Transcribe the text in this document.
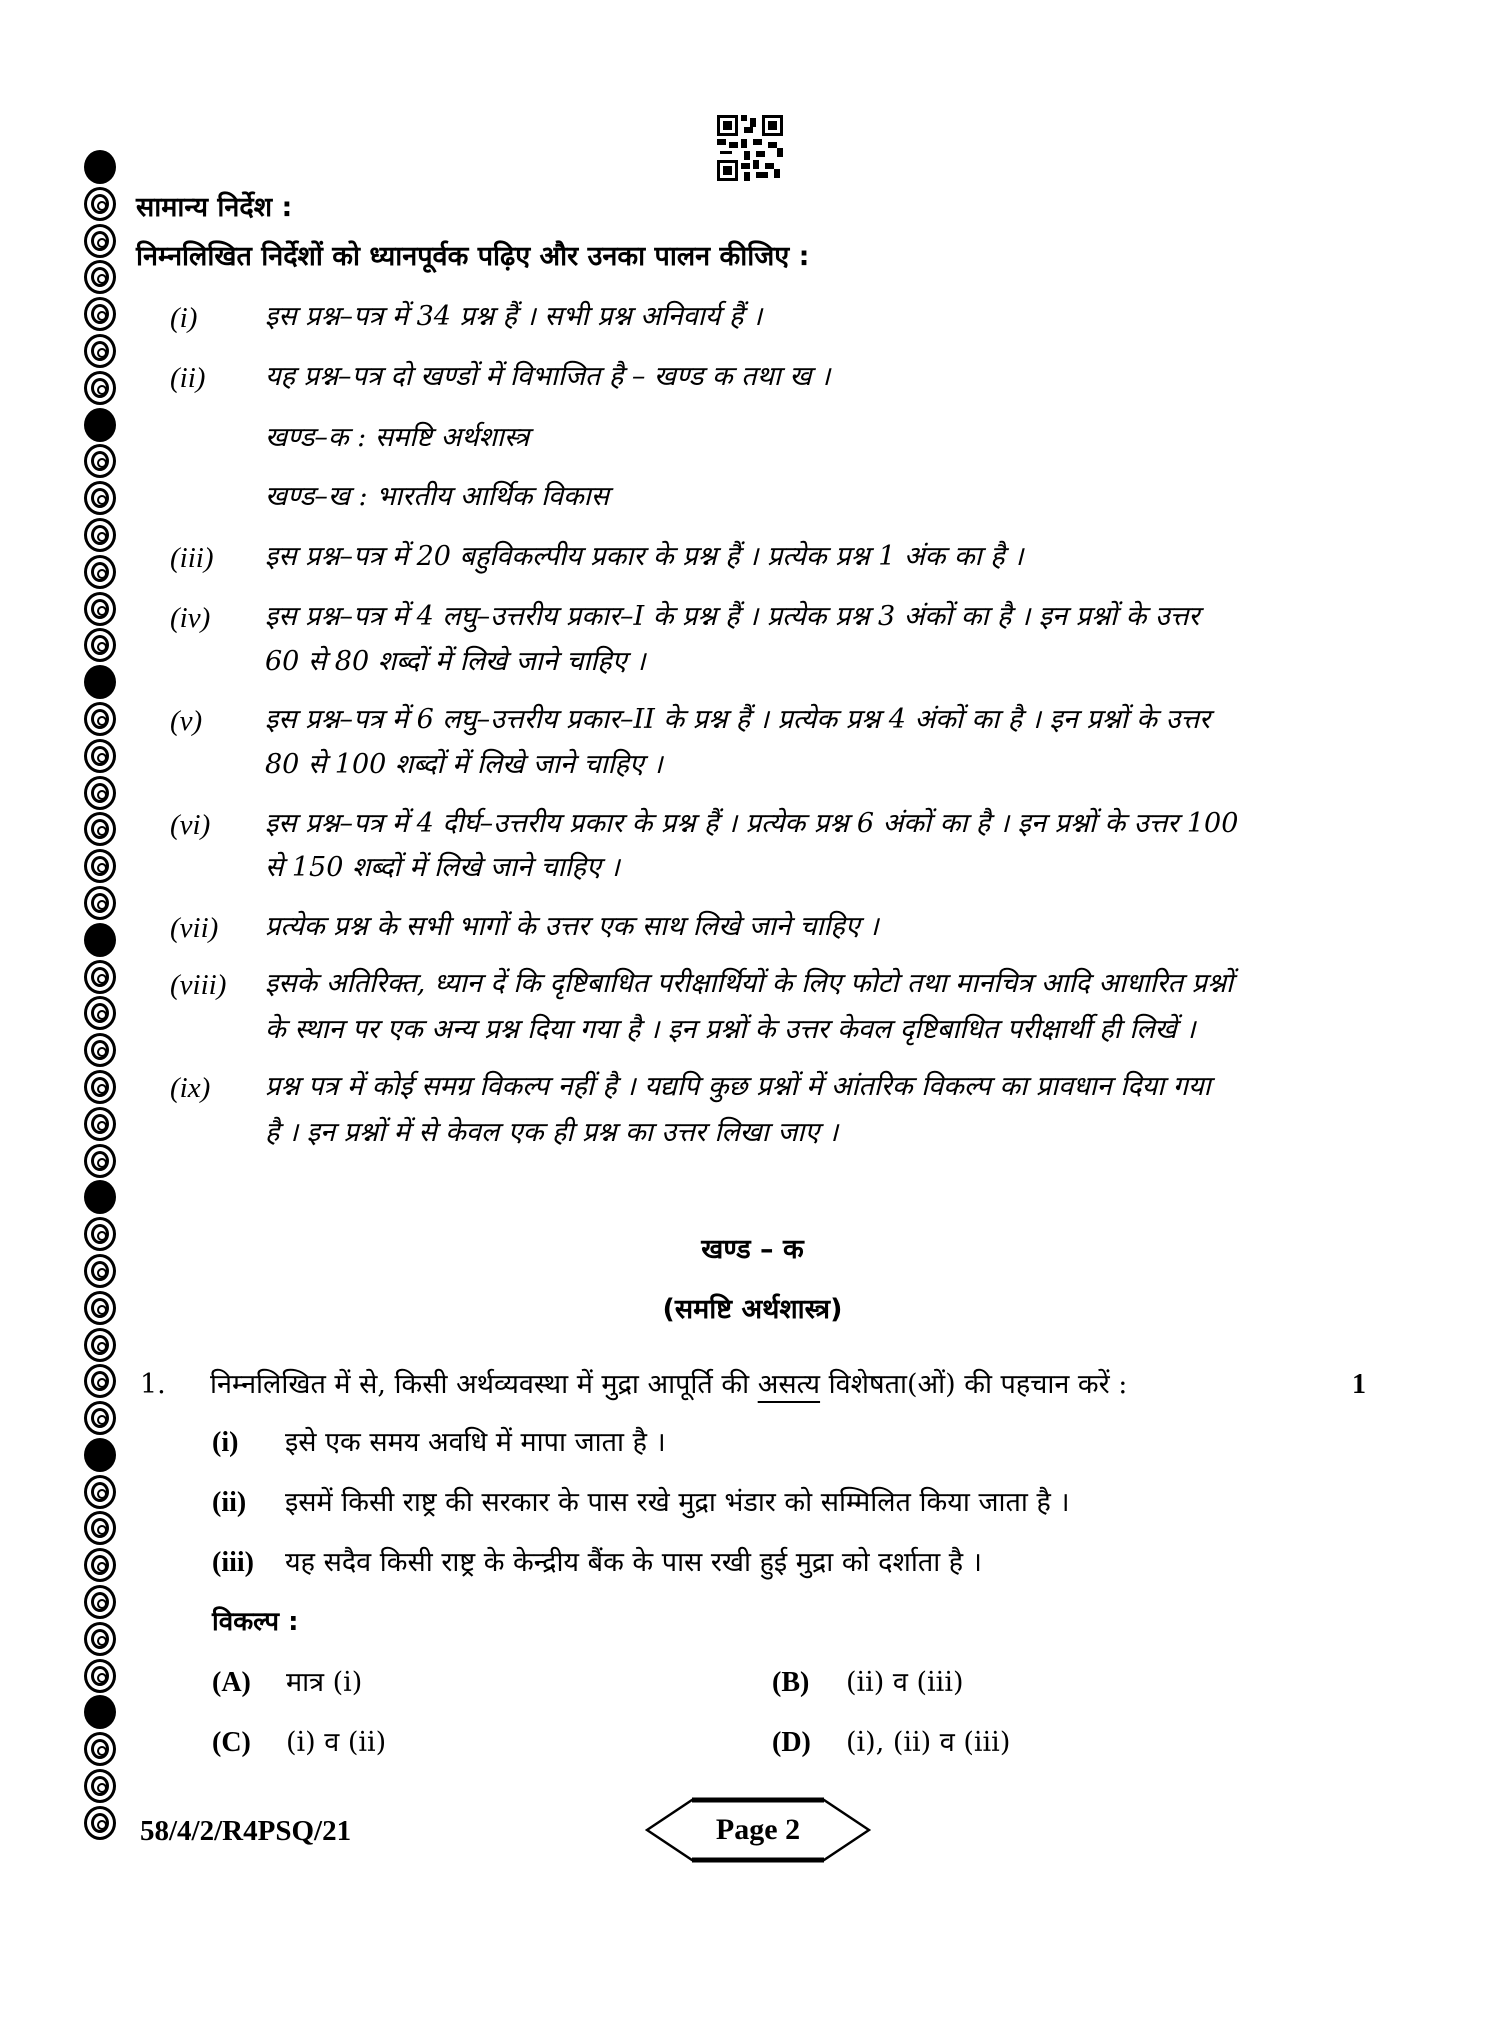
सामान्य निर्देश :
निम्नलिखित निर्देशों को ध्यानपूर्वक पढ़िए और उनका पालन कीजिए :
(i)	इस प्रश्न–पत्र में 34 प्रश्न हैं । सभी प्रश्न अनिवार्य हैं ।
(ii) यह प्रश्न–पत्र दो खण्डों में विभाजित है – खण्ड क तथा ख ।
खण्ड–क : समष्टि अर्थशास्त्र
खण्ड–ख : भारतीय आर्थिक विकास
(iii) इस प्रश्न–पत्र में 20 बहुविकल्पीय प्रकार के प्रश्न हैं । प्रत्येक प्रश्न 1 अंक का है ।
(iv) इस प्रश्न–पत्र में 4 लघु–उत्तरीय प्रकार–I के प्रश्न हैं । प्रत्येक प्रश्न 3 अंकों का है । इन प्रश्नों के उत्तर
60 से 80 शब्दों में लिखे जाने चाहिए ।
(v) इस प्रश्न–पत्र में 6 लघु–उत्तरीय प्रकार–II के प्रश्न हैं । प्रत्येक प्रश्न 4 अंकों का है । इन प्रश्नों के उत्तर
80 से 100 शब्दों में लिखे जाने चाहिए ।
(vi) इस प्रश्न–पत्र में 4 दीर्घ–उत्तरीय प्रकार के प्रश्न हैं । प्रत्येक प्रश्न 6 अंकों का है । इन प्रश्नों के उत्तर 100
से 150 शब्दों में लिखे जाने चाहिए ।
(vii) प्रत्येक प्रश्न के सभी भागों के उत्तर एक साथ लिखे जाने चाहिए ।
(viii) इसके अतिरिक्त, ध्यान दें कि दृष्टिबाधित परीक्षार्थियों के लिए फोटो तथा मानचित्र आदि आधारित प्रश्नों
के स्थान पर एक अन्य प्रश्न दिया गया है । इन प्रश्नों के उत्तर केवल दृष्टिबाधित परीक्षार्थी ही लिखें ।
(ix) प्रश्न पत्र में कोई समग्र विकल्प नहीं है । यद्यपि कुछ प्रश्नों में आंतरिक विकल्प का प्रावधान दिया गया
है । इन प्रश्नों में से केवल एक ही प्रश्न का उत्तर लिखा जाए ।
खण्ड – क
(समष्टि अर्थशास्त्र)
1. निम्नलिखित में से, किसी अर्थव्यवस्था में मुद्रा आपूर्ति की असत्य विशेषता(ओं) की पहचान करें :	1
(i) इसे एक समय अवधि में मापा जाता है ।
(ii) इसमें किसी राष्ट्र की सरकार के पास रखे मुद्रा भंडार को सम्मिलित किया जाता है ।
(iii) यह सदैव किसी राष्ट्र के केन्द्रीय बैंक के पास रखी हुई मुद्रा को दर्शाता है ।
विकल्प :
(A) मात्र (i)	(B) (ii) व (iii)
(C) (i) व (ii)	(D) (i), (ii) व (iii)
58/4/2/R4PSQ/21	Page 2
